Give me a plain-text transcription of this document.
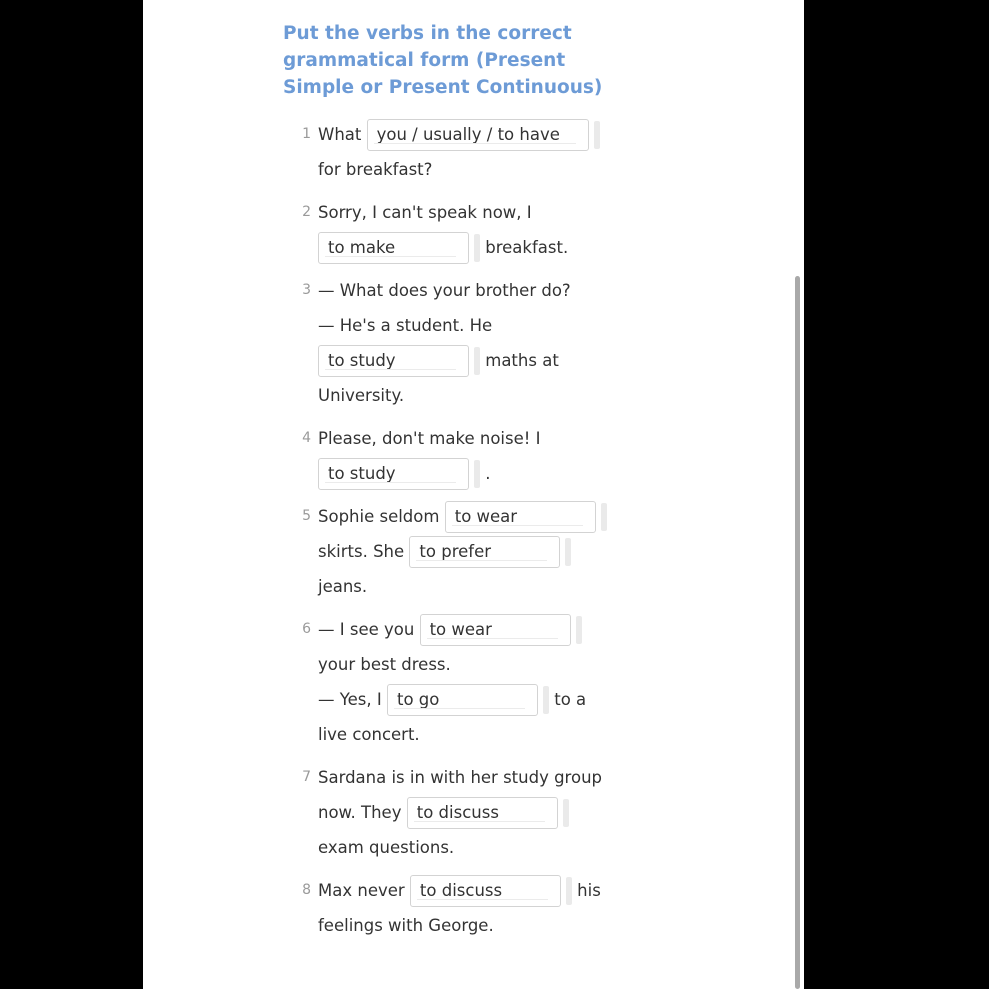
Put the verbs in the correct grammatical form (Present Simple or Present Continuous)
1 What you / usually / to have
for breakfast?
2 Sorry, I can't speak now, I
to make	breakfast.
3 — What does your brother do?
— He's a student. He
to study	maths at
University.
4 Please, don't make noise! I
to study	.
5 Sophie seldom to wear
skirts. She to prefer
jeans.
6 — I see you to wear
your best dress.
— Yes, I to go	to a
live concert.
7 Sardana is in with her study group
now. They to discuss
exam questions.
8 Max never to discuss	his
feelings with George.
